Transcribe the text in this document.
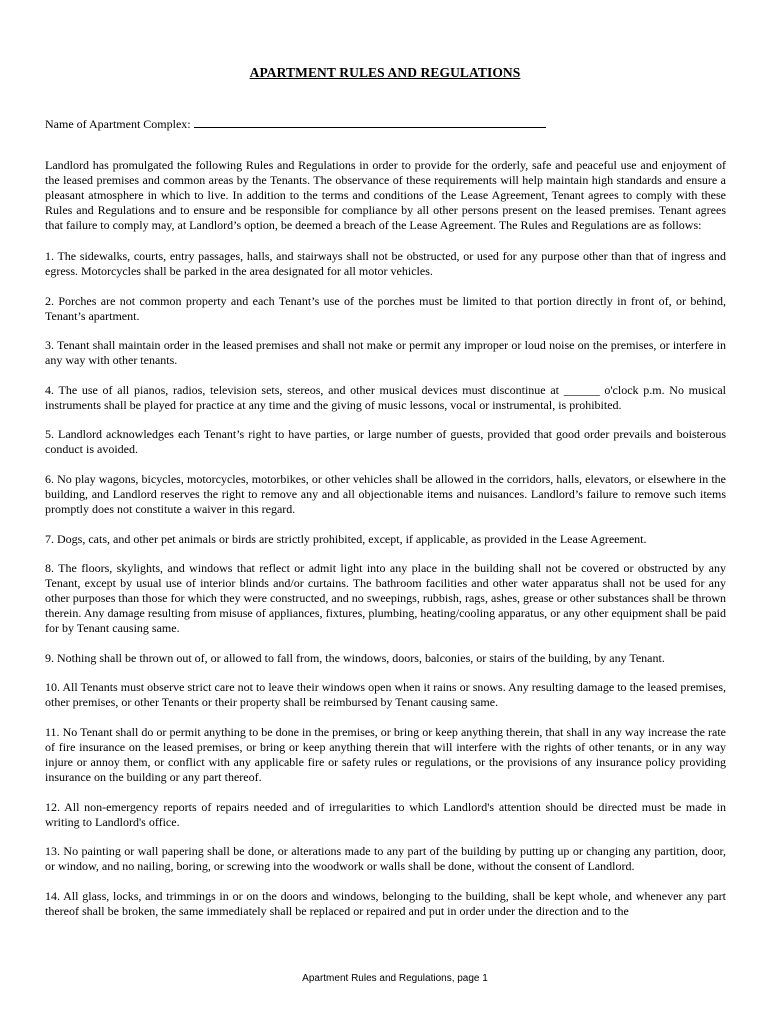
APARTMENT RULES AND REGULATIONS
Name of Apartment Complex:

Landlord has promulgated the following Rules and Regulations in order to provide for the orderly, safe and peaceful use and enjoyment of the leased premises and common areas by the Tenants. The observance of these requirements will help maintain high standards and ensure a pleasant atmosphere in which to live. In addition to the terms and conditions of the Lease Agreement, Tenant agrees to comply with these Rules and Regulations and to ensure and be responsible for compliance by all other persons present on the leased premises. Tenant agrees that failure to comply may, at Landlord’s option, be deemed a breach of the Lease Agreement. The Rules and Regulations are as follows:

1. The sidewalks, courts, entry passages, halls, and stairways shall not be obstructed, or used for any purpose other than that of ingress and egress. Motorcycles shall be parked in the area designated for all motor vehicles.

2. Porches are not common property and each Tenant’s use of the porches must be limited to that portion directly in front of, or behind, Tenant’s apartment.

3. Tenant shall maintain order in the leased premises and shall not make or permit any improper or loud noise on the premises, or interfere in any way with other tenants.

4. The use of all pianos, radios, television sets, stereos, and other musical devices must discontinue at ______ o'clock p.m. No musical instruments shall be played for practice at any time and the giving of music lessons, vocal or instrumental, is prohibited.

5. Landlord acknowledges each Tenant’s right to have parties, or large number of guests, provided that good order prevails and boisterous conduct is avoided.

6. No play wagons, bicycles, motorcycles, motorbikes, or other vehicles shall be allowed in the corridors, halls, elevators, or elsewhere in the building, and Landlord reserves the right to remove any and all objectionable items and nuisances. Landlord’s failure to remove such items promptly does not constitute a waiver in this regard.

7. Dogs, cats, and other pet animals or birds are strictly prohibited, except, if applicable, as provided in the Lease Agreement.

8. The floors, skylights, and windows that reflect or admit light into any place in the building shall not be covered or obstructed by any Tenant, except by usual use of interior blinds and/or curtains. The bathroom facilities and other water apparatus shall not be used for any other purposes than those for which they were constructed, and no sweepings, rubbish, rags, ashes, grease or other substances shall be thrown therein. Any damage resulting from misuse of appliances, fixtures, plumbing, heating/cooling apparatus, or any other equipment shall be paid for by Tenant causing same.

9. Nothing shall be thrown out of, or allowed to fall from, the windows, doors, balconies, or stairs of the building, by any Tenant.

10. All Tenants must observe strict care not to leave their windows open when it rains or snows. Any resulting damage to the leased premises, other premises, or other Tenants or their property shall be reimbursed by Tenant causing same.

11. No Tenant shall do or permit anything to be done in the premises, or bring or keep anything therein, that shall in any way increase the rate of fire insurance on the leased premises, or bring or keep anything therein that will interfere with the rights of other tenants, or in any way injure or annoy them, or conflict with any applicable fire or safety rules or regulations, or the provisions of any insurance policy providing insurance on the building or any part thereof.

12. All non-emergency reports of repairs needed and of irregularities to which Landlord's attention should be directed must be made in writing to Landlord's office.

13. No painting or wall papering shall be done, or alterations made to any part of the building by putting up or changing any partition, door, or window, and no nailing, boring, or screwing into the woodwork or walls shall be done, without the consent of Landlord.

14. All glass, locks, and trimmings in or on the doors and windows, belonging to the building, shall be kept whole, and whenever any part thereof shall be broken, the same immediately shall be replaced or repaired and put in order under the direction and to the

Apartment Rules and Regulations, page 1
